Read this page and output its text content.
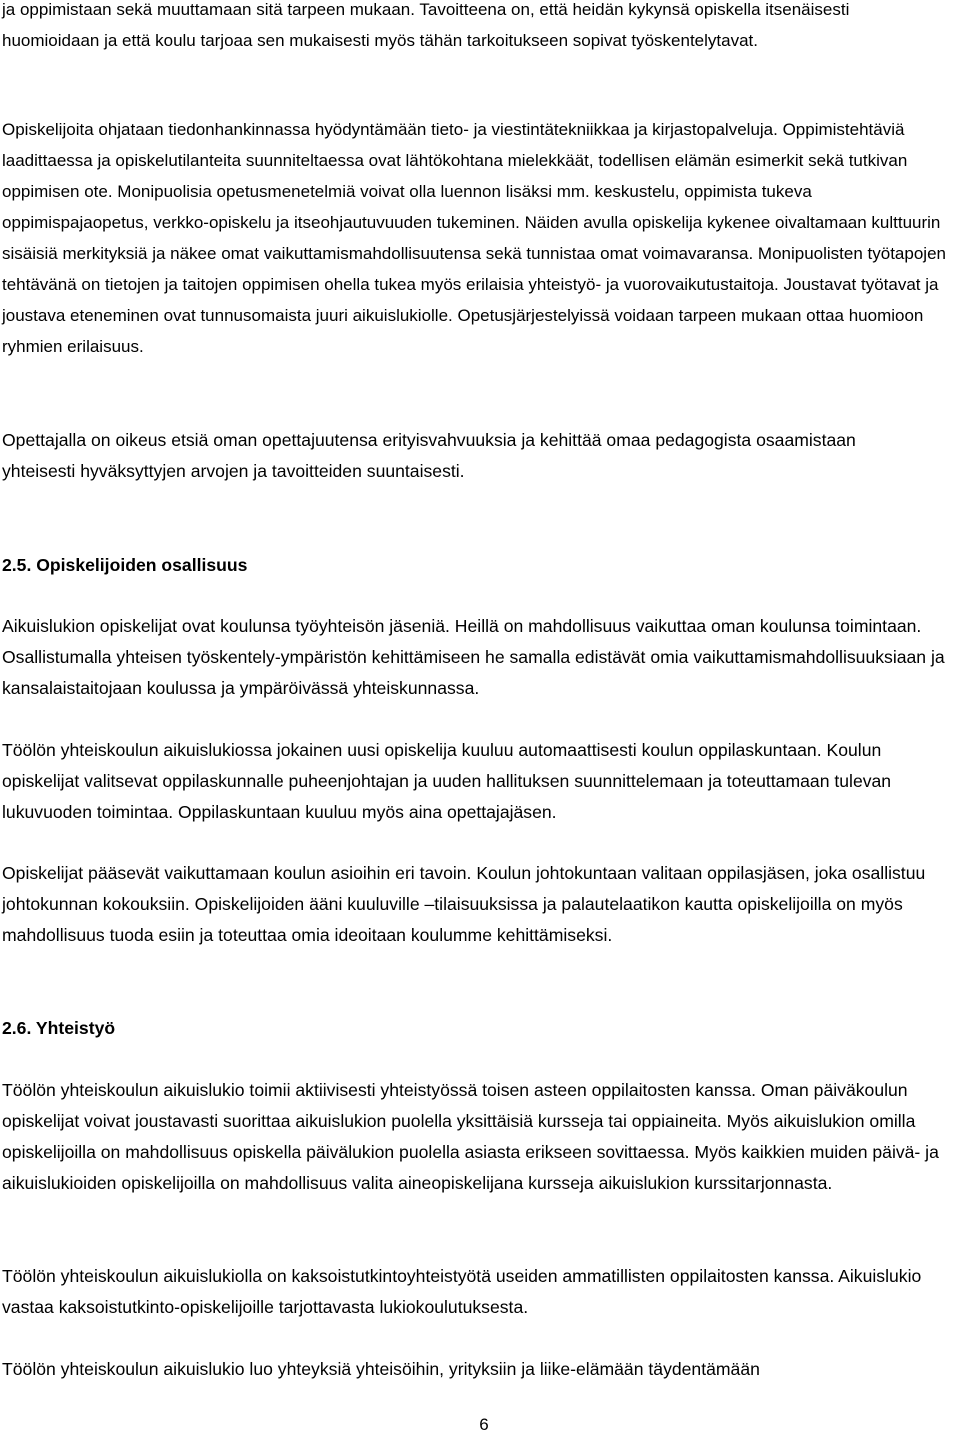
ja oppimistaan sekä muuttamaan sitä tarpeen mukaan. Tavoitteena on, että heidän kykynsä opiskella itsenäisesti huomioidaan ja että koulu tarjoaa sen mukaisesti myös tähän tarkoitukseen sopivat työskentelytavat.

Opiskelijoita ohjataan tiedonhankinnassa hyödyntämään tieto- ja viestintätekniikkaa ja kirjastopalveluja. Oppimistehtäviä laadittaessa ja opiskelutilanteita suunniteltaessa ovat lähtökohtana mielekkäät, todellisen elämän esimerkit sekä tutkivan oppimisen ote. Monipuolisia opetusmenetelmiä voivat olla luennon lisäksi mm. keskustelu, oppimista tukeva oppimispajaopetus, verkko-opiskelu ja itseohjautuvuuden tukeminen. Näiden avulla opiskelija kykenee oivaltamaan kulttuurin sisäisiä merkityksiä ja näkee omat vaikuttamismahdollisuutensa sekä tunnistaa omat voimavaransa. Monipuolisten työtapojen tehtävänä on tietojen ja taitojen oppimisen ohella tukea myös erilaisia yhteistyö- ja vuorovaikutustaitoja. Joustavat työtavat ja joustava eteneminen ovat tunnusomaista juuri aikuislukiolle. Opetusjärjestelyissä voidaan tarpeen mukaan ottaa huomioon ryhmien erilaisuus.

Opettajalla on oikeus etsiä oman opettajuutensa erityisvahvuuksia ja kehittää omaa pedagogista osaamistaan yhteisesti hyväksyttyjen arvojen ja tavoitteiden suuntaisesti.

2.5. Opiskelijoiden osallisuus

Aikuislukion opiskelijat ovat koulunsa työyhteisön jäseniä. Heillä on mahdollisuus vaikuttaa oman koulunsa toimintaan. Osallistumalla yhteisen työskentely-ympäristön kehittämiseen he samalla edistävät omia vaikuttamismahdollisuuksiaan ja kansalaistaitojaan koulussa ja ympäröivässä yhteiskunnassa.

Töölön yhteiskoulun aikuislukiossa jokainen uusi opiskelija kuuluu automaattisesti koulun oppilaskuntaan. Koulun opiskelijat valitsevat oppilaskunnalle puheenjohtajan ja uuden hallituksen suunnittelemaan ja toteuttamaan tulevan lukuvuoden toimintaa. Oppilaskuntaan kuuluu myös aina opettajajäsen.

Opiskelijat pääsevät vaikuttamaan koulun asioihin eri tavoin. Koulun johtokuntaan valitaan oppilasjäsen, joka osallistuu johtokunnan kokouksiin. Opiskelijoiden ääni kuuluville –tilaisuuksissa ja palautelaatikon kautta opiskelijoilla on myös mahdollisuus tuoda esiin ja toteuttaa omia ideoitaan koulumme kehittämiseksi.

2.6. Yhteistyö

Töölön yhteiskoulun aikuislukio toimii aktiivisesti yhteistyössä toisen asteen oppilaitosten kanssa. Oman päiväkoulun opiskelijat voivat joustavasti suorittaa aikuislukion puolella yksittäisiä kursseja tai oppiaineita. Myös aikuislukion omilla opiskelijoilla on mahdollisuus opiskella päivälukion puolella asiasta erikseen sovittaessa. Myös kaikkien muiden päivä- ja aikuislukioiden opiskelijoilla on mahdollisuus valita aineopiskelijana kursseja aikuislukion kurssitarjonnasta.

Töölön yhteiskoulun aikuislukiolla on kaksoistutkintoyhteistyötä useiden ammatillisten oppilaitosten kanssa. Aikuislukio vastaa kaksoistutkinto-opiskelijoille tarjottavasta lukiokoulutuksesta.

Töölön yhteiskoulun aikuislukio luo yhteyksiä yhteisöihin, yrityksiin ja liike-elämään täydentämään

6
